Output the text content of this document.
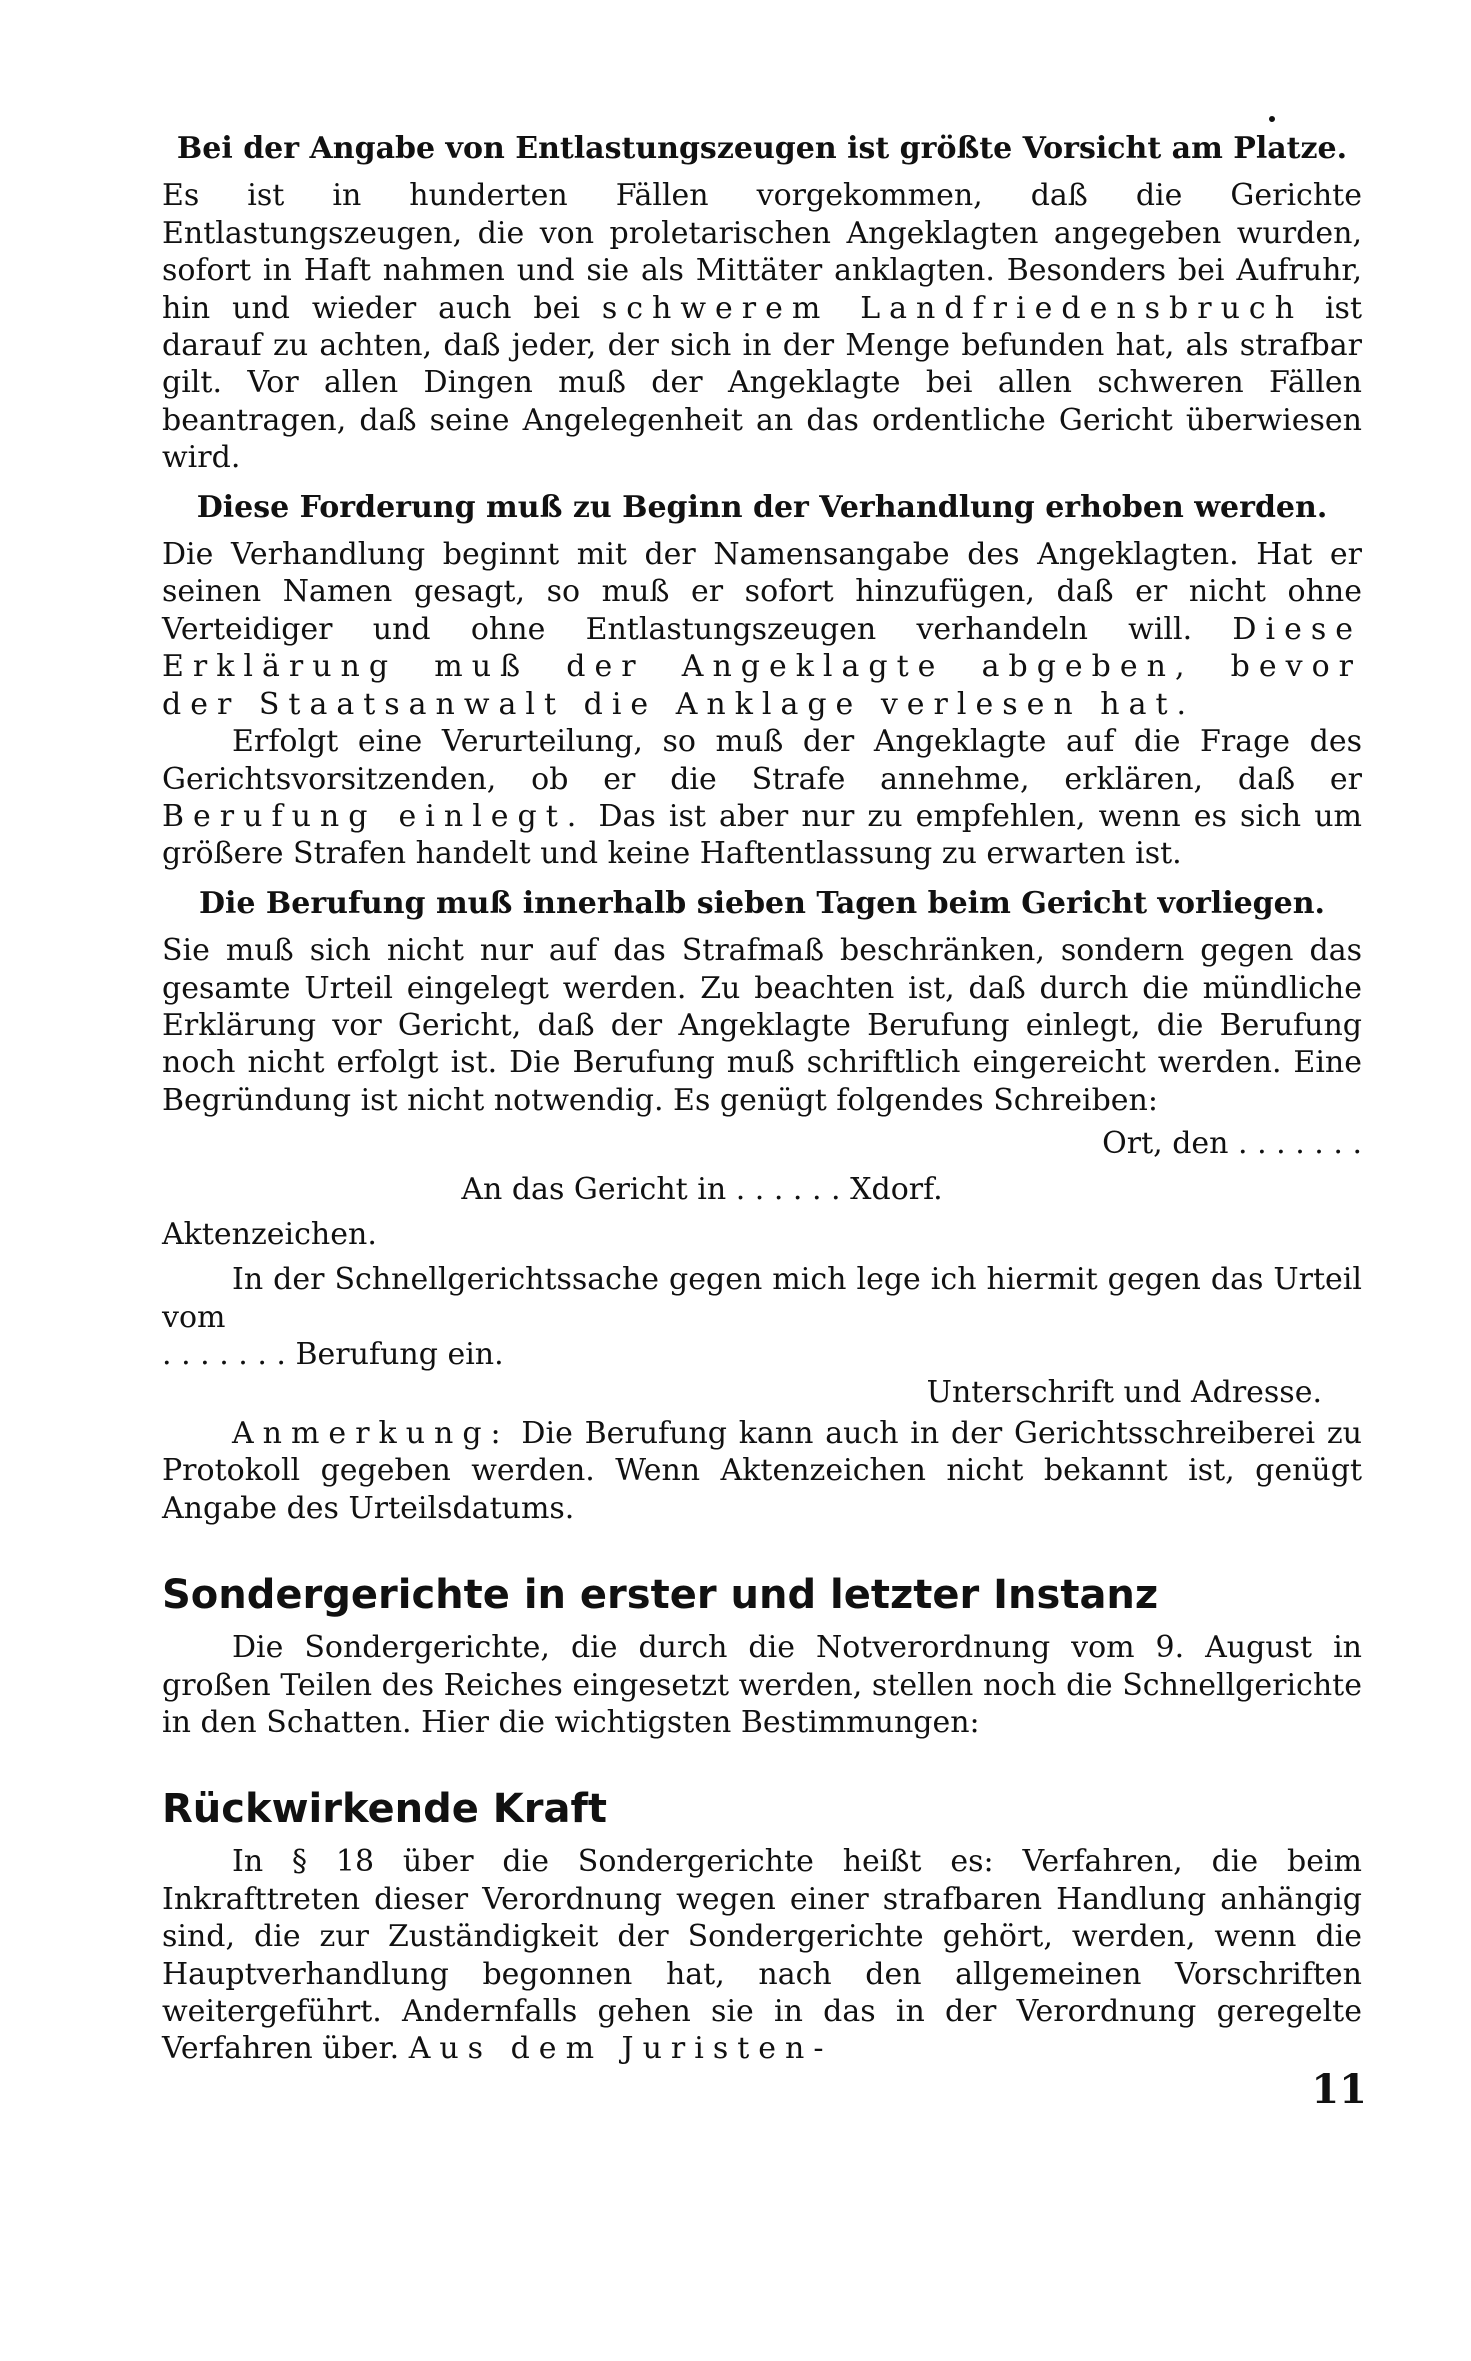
Bei der Angabe von Entlastungszeugen ist größte Vorsicht am Platze.

Es ist in hunderten Fällen vorgekommen, daß die Gerichte Entlastungszeugen, die von proletarischen Angeklagten angegeben wurden, sofort in Haft nahmen und sie als Mittäter anklagten. Besonders bei Aufruhr, hin und wieder auch bei schwerem Landfriedensbruch ist darauf zu achten, daß jeder, der sich in der Menge befunden hat, als strafbar gilt. Vor allen Dingen muß der Angeklagte bei allen schweren Fällen beantragen, daß seine Angelegenheit an das ordentliche Gericht überwiesen wird.

Diese Forderung muß zu Beginn der Verhandlung erhoben werden.

Die Verhandlung beginnt mit der Namensangabe des Angeklagten. Hat er seinen Namen gesagt, so muß er sofort hinzufügen, daß er nicht ohne Verteidiger und ohne Entlastungszeugen verhandeln will. Diese Erklärung muß der Angeklagte abgeben, bevor der Staatsanwalt die Anklage verlesen hat.

Erfolgt eine Verurteilung, so muß der Angeklagte auf die Frage des Gerichtsvorsitzenden, ob er die Strafe annehme, erklären, daß er Berufung einlegt. Das ist aber nur zu empfehlen, wenn es sich um größere Strafen handelt und keine Haftentlassung zu erwarten ist.

Die Berufung muß innerhalb sieben Tagen beim Gericht vorliegen.

Sie muß sich nicht nur auf das Strafmaß beschränken, sondern gegen das gesamte Urteil eingelegt werden. Zu beachten ist, daß durch die mündliche Erklärung vor Gericht, daß der Angeklagte Berufung einlegt, die Berufung noch nicht erfolgt ist. Die Berufung muß schriftlich eingereicht werden. Eine Begründung ist nicht notwendig. Es genügt folgendes Schreiben:

Ort, den . . . . . . .

An das Gericht in . . . . . . Xdorf.

Aktenzeichen.

In der Schnellgerichtssache gegen mich lege ich hiermit gegen das Urteil vom
. . . . . . . Berufung ein.

Unterschrift und Adresse.

Anmerkung: Die Berufung kann auch in der Gerichtsschreiberei zu Protokoll gegeben werden. Wenn Aktenzeichen nicht bekannt ist, genügt Angabe des Urteilsdatums.

Sondergerichte in erster und letzter Instanz

Die Sondergerichte, die durch die Notverordnung vom 9. August in großen Teilen des Reiches eingesetzt werden, stellen noch die Schnellgerichte in den Schatten. Hier die wichtigsten Bestimmungen:

Rückwirkende Kraft

In § 18 über die Sondergerichte heißt es: Verfahren, die beim Inkrafttreten dieser Verordnung wegen einer strafbaren Handlung anhängig sind, die zur Zuständigkeit der Sondergerichte gehört, werden, wenn die Hauptverhandlung begonnen hat, nach den allgemeinen Vorschriften weitergeführt. Andernfalls gehen sie in das in der Verordnung geregelte Verfahren über. Aus dem Juristen-

11
